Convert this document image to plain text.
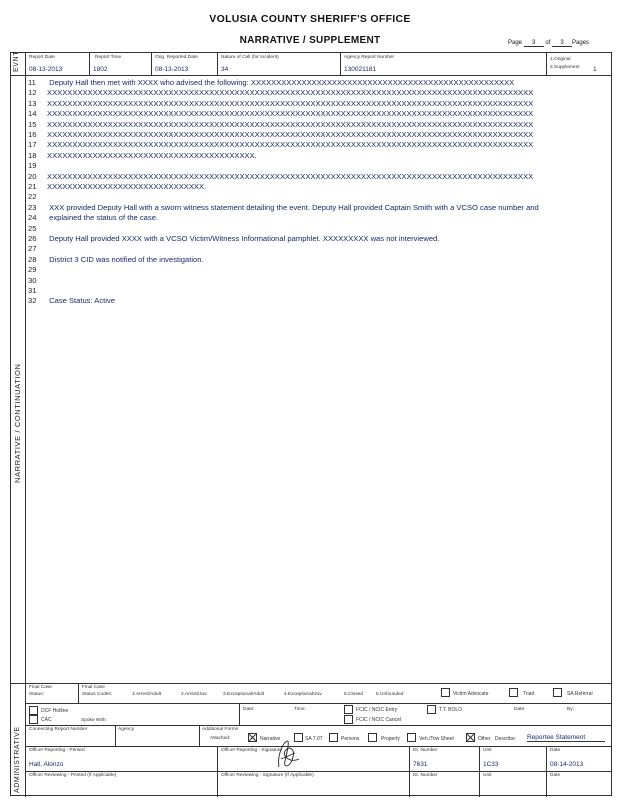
VOLUSIA COUNTY SHERIFF'S OFFICE
NARRATIVE / SUPPLEMENT	Page 3 of 3 Pages
EVNT Report Date
08-13-2013
Report Time
1802
Orig. Reported Date
08-13-2013
Nature of Call (for Incident)
34
Agency Report Number
130021181
1.Original
2.Supplement 1
NARRATIVE / CONTINUATION
11 Deputy Hall then met with XXXX who advised the following: XXXXXXXXXXXXXXXXXXXXXXXXXXXXXXXXXXXXXXXXXXXXXXXXXXXX
12 XXXXXXXXXXXXXXXXXXXXXXXXXXXXXXXXXXXXXXXXXXXXXXXXXXXXXXXXXXXXXXXXXXXXXXXXXXXXXXXXXXXXXXXXXXXXXXXX
13 XXXXXXXXXXXXXXXXXXXXXXXXXXXXXXXXXXXXXXXXXXXXXXXXXXXXXXXXXXXXXXXXXXXXXXXXXXXXXXXXXXXXXXXXXXXXXXXX
14 XXXXXXXXXXXXXXXXXXXXXXXXXXXXXXXXXXXXXXXXXXXXXXXXXXXXXXXXXXXXXXXXXXXXXXXXXXXXXXXXXXXXXXXXXXXXXXXX
15 XXXXXXXXXXXXXXXXXXXXXXXXXXXXXXXXXXXXXXXXXXXXXXXXXXXXXXXXXXXXXXXXXXXXXXXXXXXXXXXXXXXXXXXXXXXXXXXX
16 XXXXXXXXXXXXXXXXXXXXXXXXXXXXXXXXXXXXXXXXXXXXXXXXXXXXXXXXXXXXXXXXXXXXXXXXXXXXXXXXXXXXXXXXXXXXXXXX
17 XXXXXXXXXXXXXXXXXXXXXXXXXXXXXXXXXXXXXXXXXXXXXXXXXXXXXXXXXXXXXXXXXXXXXXXXXXXXXXXXXXXXXXXXXXXXXXXX
18 XXXXXXXXXXXXXXXXXXXXXXXXXXXXXXXXXXXXXXXXX.
19
20 XXXXXXXXXXXXXXXXXXXXXXXXXXXXXXXXXXXXXXXXXXXXXXXXXXXXXXXXXXXXXXXXXXXXXXXXXXXXXXXXXXXXXXXXXXXXXXXX
21 XXXXXXXXXXXXXXXXXXXXXXXXXXXXXXX.
22
23 XXX provided Deputy Hall with a sworn witness statement detailing the event. Deputy Hall provided Captain Smith with a VCSO case number and
24 explained the status of the case.
25
26 Deputy Hall provided XXXX with a VCSO Victim/Witness Informational pamphlet. XXXXXXXXX was not interviewed.
27
28 District 3 CID was notified of the investigation.
29
30
31
32 Case Status: Active
ADMINISTRATIVE
Final Case
Status:
Final Case
Status Codes:	1.Arrest/Adult	2.Arrest/Juv.	3.Exceptional/Adult	4.Exceptional/Juv.	5.Closed	6.Unfounded	Victim Advocate	Triad	SA Referral
DCF Hotline
CAC	Spoke With:
Date:	Time:	FCIC / NCIC Entry
FCIC / NCIC Cancel
T.T. BOLO	Date:	By:
Connecting Report Number	Agency	Additional Forms
Attached:	Narrative	SA 7.07	Persons	Property	Veh./Tow Sheet	Other Describe: Reportee Statement
Officer Reporting - Printed
Hall, Alonzo
Officer Reporting - Signature	ID. Number
7631
Unit
1C33
Date
08-14-2013
Officer Reviewing - Printed (If Applicable)	Officer Reviewing - Signature (If Applicable)	ID. Number	Unit	Date
